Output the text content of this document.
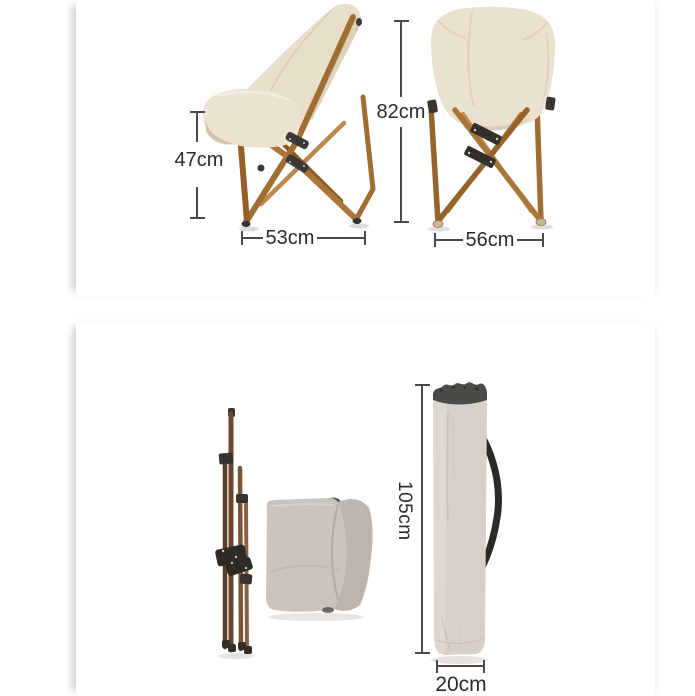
47cm
53cm
82cm
56cm
105cm
20cm
